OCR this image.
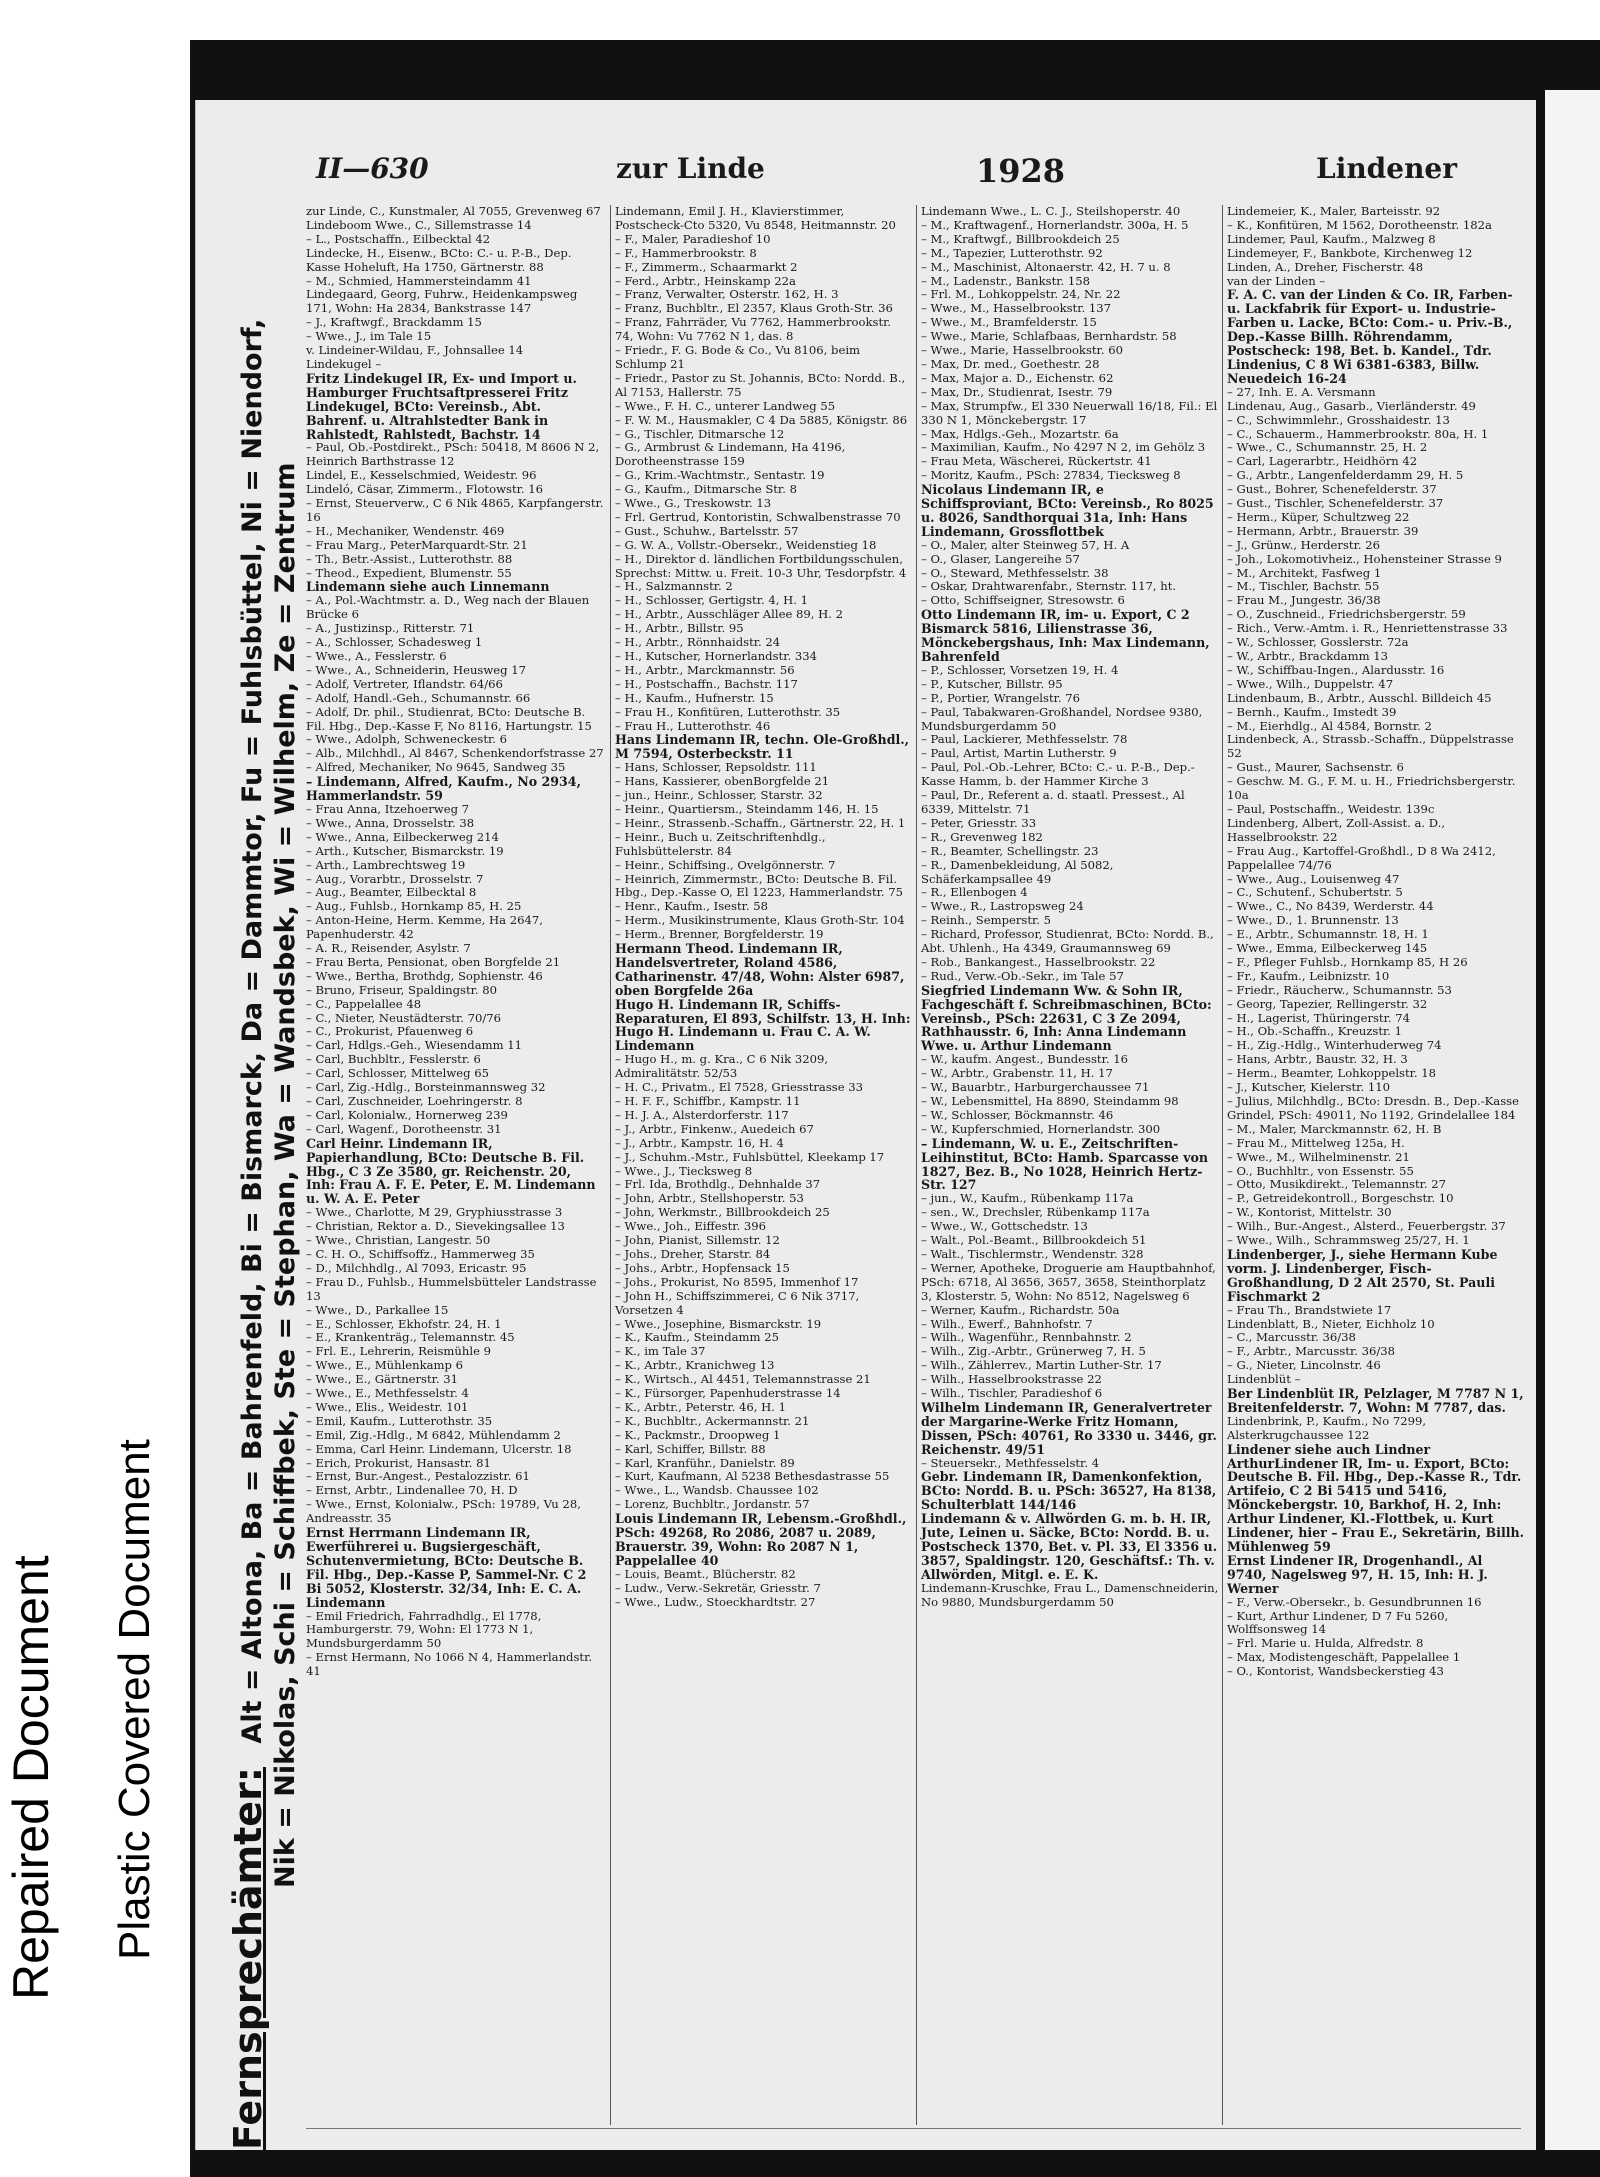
Repaired Document Plastic Covered Document
II—630	zur Linde	1928	Lindener
Fernsprechämter: Alt = Altona, Ba = Bahrenfeld, Bi = Bismarck, Da = Dammtor, Fu = Fuhlsbüttel, Ni = Niendorf,
Nik = Nikolas, Schi = Schiffbek, Ste = Stephan, Wa = Wandsbek, Wi = Wilhelm, Ze = Zentrum
zur Linde, C., Kunstmaler, Al 7055, Grevenweg 67
Lindeboom Wwe., C., Sillemstrasse 14
– L., Postschaffn., Eilbecktal 42
Lindecke, H., Eisenw., BCto: C.- u. P.-B., Dep. Kasse Hoheluft, Ha 1750, Gärtnerstr. 88
– M., Schmied, Hammersteindamm 41
Lindegaard, Georg, Fuhrw., Heidenkampsweg 171, Wohn: Ha 2834, Bankstrasse 147
– J., Kraftwgf., Brackdamm 15
– Wwe., J., im Tale 15
v. Lindeiner-Wildau, F., Johnsallee 14
Lindekugel –
Fritz Lindekugel IR, Ex- und Import u. Hamburger Fruchtsaftpresserei Fritz Lindekugel, BCto: Vereinsb., Abt. Bahrenf. u. Altrahlstedter Bank in Rahlstedt, Rahlstedt, Bachstr. 14
– Paul, Ob.-Postdirekt., PSch: 50418, M 8606 N 2, Heinrich Barthstrasse 12
Lindel, E., Kesselschmied, Weidestr. 96
Lindeló, Cäsar, Zimmerm., Flotowstr. 16
– Ernst, Steuerverw., C 6 Nik 4865, Karpfangerstr. 16
– H., Mechaniker, Wendenstr. 469
– Frau Marg., PeterMarquardt-Str. 21
– Th., Betr.-Assist., Lutterothstr. 88
– Theod., Expedient, Blumenstr. 55
Lindemann siehe auch Linnemann
– A., Pol.-Wachtmstr. a. D., Weg nach der Blauen Brücke 6
– A., Justizinsp., Ritterstr. 71
– A., Schlosser, Schadesweg 1
– Wwe., A., Fesslerstr. 6
– Wwe., A., Schneiderin, Heusweg 17
– Adolf, Vertreter, Iflandstr. 64/66
– Adolf, Handl.-Geh., Schumannstr. 66
– Adolf, Dr. phil., Studienrat, BCto: Deutsche B. Fil. Hbg., Dep.-Kasse F, No 8116, Hartungstr. 15
– Wwe., Adolph, Schweneckestr. 6
– Alb., Milchhdl., Al 8467, Schenkendorfstrasse 27
– Alfred, Mechaniker, No 9645, Sandweg 35
– Lindemann, Alfred, Kaufm., No 2934, Hammerlandstr. 59
– Frau Anna, Itzehoerweg 7
– Wwe., Anna, Drosselstr. 38
– Wwe., Anna, Eilbeckerweg 214
– Arth., Kutscher, Bismarckstr. 19
– Arth., Lambrechtsweg 19
– Aug., Vorarbtr., Drosselstr. 7
– Aug., Beamter, Eilbecktal 8
– Aug., Fuhlsb., Hornkamp 85, H. 25
– Anton-Heine, Herm. Kemme, Ha 2647, Papenhuderstr. 42
– A. R., Reisender, Asylstr. 7
– Frau Berta, Pensionat, oben Borgfelde 21
– Wwe., Bertha, Brothdg, Sophienstr. 46
– Bruno, Friseur, Spaldingstr. 80
– C., Pappelallee 48
– C., Nieter, Neustädterstr. 70/76
– C., Prokurist, Pfauenweg 6
– Carl, Hdlgs.-Geh., Wiesendamm 11
– Carl, Buchbltr., Fesslerstr. 6
– Carl, Schlosser, Mittelweg 65
– Carl, Zig.-Hdlg., Borsteinmannsweg 32
– Carl, Zuschneider, Loehringerstr. 8
– Carl, Kolonialw., Hornerweg 239
– Carl, Wagenf., Dorotheenstr. 31
Carl Heinr. Lindemann IR, Papierhandlung, BCto: Deutsche B. Fil. Hbg., C 3 Ze 3580, gr. Reichenstr. 20, Inh: Frau A. F. E. Peter, E. M. Lindemann u. W. A. E. Peter
– Wwe., Charlotte, M 29, Gryphiusstrasse 3
– Christian, Rektor a. D., Sievekingsallee 13
– Wwe., Christian, Langestr. 50
– C. H. O., Schiffsoffz., Hammerweg 35
– D., Milchhdlg., Al 7093, Ericastr. 95
– Frau D., Fuhlsb., Hummelsbütteler Landstrasse 13
– Wwe., D., Parkallee 15
– E., Schlosser, Ekhofstr. 24, H. 1
– E., Krankenträg., Telemannstr. 45
– Frl. E., Lehrerin, Reismühle 9
– Wwe., E., Mühlenkamp 6
– Wwe., E., Gärtnerstr. 31
– Wwe., E., Methfesselstr. 4
– Wwe., Elis., Weidestr. 101
– Emil, Kaufm., Lutterothstr. 35
– Emil, Zig.-Hdlg., M 6842, Mühlendamm 2
– Emma, Carl Heinr. Lindemann, Ulcerstr. 18
– Erich, Prokurist, Hansastr. 81
– Ernst, Bur.-Angest., Pestalozzistr. 61
– Ernst, Arbtr., Lindenallee 70, H. D
– Wwe., Ernst, Kolonialw., PSch: 19789, Vu 28, Andreasstr. 35
Ernst Herrmann Lindemann IR, Ewerführerei u. Bugsiergeschäft, Schutenvermietung, BCto: Deutsche B. Fil. Hbg., Dep.-Kasse P, Sammel-Nr. C 2 Bi 5052, Klosterstr. 32/34, Inh: E. C. A. Lindemann
– Emil Friedrich, Fahrradhdlg., El 1778, Hamburgerstr. 79, Wohn: El 1773 N 1, Mundsburgerdamm 50
– Ernst Hermann, No 1066 N 4, Hammerlandstr. 41
Lindemann, Emil J. H., Klavierstimmer, Postscheck-Cto 5320, Vu 8548, Heitmannstr. 20
– F., Maler, Paradieshof 10
– F., Hammerbrookstr. 8
– F., Zimmerm., Schaarmarkt 2
– Ferd., Arbtr., Heinskamp 22a
– Franz, Verwalter, Osterstr. 162, H. 3
– Franz, Buchbltr., El 2357, Klaus Groth-Str. 36
– Franz, Fahrräder, Vu 7762, Hammerbrookstr. 74, Wohn: Vu 7762 N 1, das. 8
– Friedr., F. G. Bode & Co., Vu 8106, beim Schlump 21
– Friedr., Pastor zu St. Johannis, BCto: Nordd. B., Al 7153, Hallerstr. 75
– Wwe., F. H. C., unterer Landweg 55
– F. W. M., Hausmakler, C 4 Da 5885, Königstr. 86
– G., Tischler, Ditmarsche 12
– G., Armbrust & Lindemann, Ha 4196, Dorotheenstrasse 159
– G., Krim.-Wachtmstr., Sentastr. 19
– G., Kaufm., Ditmarsche Str. 8
– Wwe., G., Treskowstr. 13
– Frl. Gertrud, Kontoristin, Schwalbenstrasse 70
– Gust., Schuhw., Bartelsstr. 57
– G. W. A., Vollstr.-Obersekr., Weidenstieg 18
– H., Direktor d. ländlichen Fortbildungsschulen, Sprechst: Mittw. u. Freit. 10-3 Uhr, Tesdorpfstr. 4
– H., Salzmannstr. 2
– H., Schlosser, Gertigstr. 4, H. 1
– H., Arbtr., Ausschläger Allee 89, H. 2
– H., Arbtr., Billstr. 95
– H., Arbtr., Rönnhaidstr. 24
– H., Kutscher, Hornerlandstr. 334
– H., Arbtr., Marckmannstr. 56
– H., Postschaffn., Bachstr. 117
– H., Kaufm., Hufnerstr. 15
– Frau H., Konfitüren, Lutterothstr. 35
– Frau H., Lutterothstr. 46
Hans Lindemann IR, techn. Ole-Großhdl., M 7594, Osterbeckstr. 11
– Hans, Schlosser, Repsoldstr. 111
– Hans, Kassierer, obenBorgfelde 21
– jun., Heinr., Schlosser, Starstr. 32
– Heinr., Quartiersm., Steindamm 146, H. 15
– Heinr., Strassenb.-Schaffn., Gärtnerstr. 22, H. 1
– Heinr., Buch u. Zeitschriftenhdlg., Fuhlsbüttelerstr. 84
– Heinr., Schiffsing., Ovelgönnerstr. 7
– Heinrich, Zimmermstr., BCto: Deutsche B. Fil. Hbg., Dep.-Kasse O, El 1223, Hammerlandstr. 75
– Henr., Kaufm., Isestr. 58
– Herm., Musikinstrumente, Klaus Groth-Str. 104
– Herm., Brenner, Borgfelderstr. 19
Hermann Theod. Lindemann IR, Handelsvertreter, Roland 4586, Catharinenstr. 47/48, Wohn: Alster 6987, oben Borgfelde 26a
Hugo H. Lindemann IR, Schiffs-Reparaturen, El 893, Schilfstr. 13, H. Inh: Hugo H. Lindemann u. Frau C. A. W. Lindemann
– Hugo H., m. g. Kra., C 6 Nik 3209, Admiralitätstr. 52/53
– H. C., Privatm., El 7528, Griesstrasse 33
– H. F. F., Schiffbr., Kampstr. 11
– H. J. A., Alsterdorferstr. 117
– J., Arbtr., Finkenw., Auedeich 67
– J., Arbtr., Kampstr. 16, H. 4
– J., Schuhm.-Mstr., Fuhlsbüttel, Kleekamp 17
– Wwe., J., Tiecksweg 8
– Frl. Ida, Brothdlg., Dehnhalde 37
– John, Arbtr., Stellshoperstr. 53
– John, Werkmstr., Billbrookdeich 25
– Wwe., Joh., Eiffestr. 396
– John, Pianist, Sillemstr. 12
– Johs., Dreher, Starstr. 84
– Johs., Arbtr., Hopfensack 15
– Johs., Prokurist, No 8595, Immenhof 17
– John H., Schiffszimmerei, C 6 Nik 3717, Vorsetzen 4
– Wwe., Josephine, Bismarckstr. 19
– K., Kaufm., Steindamm 25
– K., im Tale 37
– K., Arbtr., Kranichweg 13
– K., Wirtsch., Al 4451, Telemannstrasse 21
– K., Fürsorger, Papenhuderstrasse 14
– K., Arbtr., Peterstr. 46, H. 1
– K., Buchbltr., Ackermannstr. 21
– K., Packmstr., Droopweg 1
– Karl, Schiffer, Billstr. 88
– Karl, Kranführ., Danielstr. 89
– Kurt, Kaufmann, Al 5238 Bethesdastrasse 55
– Wwe., L., Wandsb. Chaussee 102
– Lorenz, Buchbltr., Jordanstr. 57
Louis Lindemann IR, Lebensm.-Großhdl., PSch: 49268, Ro 2086, 2087 u. 2089, Brauerstr. 39, Wohn: Ro 2087 N 1, Pappelallee 40
– Louis, Beamt., Blücherstr. 82
– Ludw., Verw.-Sekretär, Griesstr. 7
– Wwe., Ludw., Stoeckhardtstr. 27
Lindemann Wwe., L. C. J., Steilshoperstr. 40
– M., Kraftwagenf., Hornerlandstr. 300a, H. 5
– M., Kraftwgf., Billbrookdeich 25
– M., Tapezier, Lutterothstr. 92
– M., Maschinist, Altonaerstr. 42, H. 7 u. 8
– M., Ladenstr., Bankstr. 158
– Frl. M., Lohkoppelstr. 24, Nr. 22
– Wwe., M., Hasselbrookstr. 137
– Wwe., M., Bramfelderstr. 15
– Wwe., Marie, Schlafbaas, Bernhardstr. 58
– Wwe., Marie, Hasselbrookstr. 60
– Max, Dr. med., Goethestr. 28
– Max, Major a. D., Eichenstr. 62
– Max, Dr., Studienrat, Isestr. 79
– Max, Strumpfw., El 330 Neuerwall 16/18, Fil.: El 330 N 1, Mönckebergstr. 17
– Max, Hdlgs.-Geh., Mozartstr. 6a
– Maximilian, Kaufm., No 4297 N 2, im Gehölz 3
– Frau Meta, Wäscherei, Rückertstr. 41
– Moritz, Kaufm., PSch: 27834, Tiecksweg 8
Nicolaus Lindemann IR, e Schiffsproviant, BCto: Vereinsb., Ro 8025 u. 8026, Sandthorquai 31a, Inh: Hans Lindemann, Grossflottbek
– O., Maler, alter Steinweg 57, H. A
– O., Glaser, Langereihe 57
– O., Steward, Methfesselstr. 38
– Oskar, Drahtwarenfabr., Sternstr. 117, ht.
– Otto, Schiffseigner, Stresowstr. 6
Otto Lindemann IR, im- u. Export, C 2 Bismarck 5816, Lilienstrasse 36, Mönckebergshaus, Inh: Max Lindemann, Bahrenfeld
– P., Schlosser, Vorsetzen 19, H. 4
– P., Kutscher, Billstr. 95
– P., Portier, Wrangelstr. 76
– Paul, Tabakwaren-Großhandel, Nordsee 9380, Mundsburgerdamm 50
– Paul, Lackierer, Methfesselstr. 78
– Paul, Artist, Martin Lutherstr. 9
– Paul, Pol.-Ob.-Lehrer, BCto: C.- u. P.-B., Dep.-Kasse Hamm, b. der Hammer Kirche 3
– Paul, Dr., Referent a. d. staatl. Pressest., Al 6339, Mittelstr. 71
– Peter, Griesstr. 33
– R., Grevenweg 182
– R., Beamter, Schellingstr. 23
– R., Damenbekleidung, Al 5082, Schäferkampsallee 49
– R., Ellenbogen 4
– Wwe., R., Lastropsweg 24
– Reinh., Semperstr. 5
– Richard, Professor, Studienrat, BCto: Nordd. B., Abt. Uhlenh., Ha 4349, Graumannsweg 69
– Rob., Bankangest., Hasselbrookstr. 22
– Rud., Verw.-Ob.-Sekr., im Tale 57
Siegfried Lindemann Ww. & Sohn IR, Fachgeschäft f. Schreibmaschinen, BCto: Vereinsb., PSch: 22631, C 3 Ze 2094, Rathhausstr. 6, Inh: Anna Lindemann Wwe. u. Arthur Lindemann
– W., kaufm. Angest., Bundesstr. 16
– W., Arbtr., Grabenstr. 11, H. 17
– W., Bauarbtr., Harburgerchaussee 71
– W., Lebensmittel, Ha 8890, Steindamm 98
– W., Schlosser, Böckmannstr. 46
– W., Kupferschmied, Hornerlandstr. 300
– Lindemann, W. u. E., Zeitschriften-Leihinstitut, BCto: Hamb. Sparcasse von 1827, Bez. B., No 1028, Heinrich Hertz-Str. 127
– jun., W., Kaufm., Rübenkamp 117a
– sen., W., Drechsler, Rübenkamp 117a
– Wwe., W., Gottschedstr. 13
– Walt., Pol.-Beamt., Billbrookdeich 51
– Walt., Tischlermstr., Wendenstr. 328
– Werner, Apotheke, Droguerie am Hauptbahnhof, PSch: 6718, Al 3656, 3657, 3658, Steinthorplatz 3, Klosterstr. 5, Wohn: No 8512, Nagelsweg 6
– Werner, Kaufm., Richardstr. 50a
– Wilh., Ewerf., Bahnhofstr. 7
– Wilh., Wagenführ., Rennbahnstr. 2
– Wilh., Zig.-Arbtr., Grünerweg 7, H. 5
– Wilh., Zählerrev., Martin Luther-Str. 17
– Wilh., Hasselbrookstrasse 22
– Wilh., Tischler, Paradieshof 6
Wilhelm Lindemann IR, Generalvertreter der Margarine-Werke Fritz Homann, Dissen, PSch: 40761, Ro 3330 u. 3446, gr. Reichenstr. 49/51
– Steuersekr., Methfesselstr. 4
Gebr. Lindemann IR, Damenkonfektion, BCto: Nordd. B. u. PSch: 36527, Ha 8138, Schulterblatt 144/146
Lindemann & v. Allwörden G. m. b. H. IR, Jute, Leinen u. Säcke, BCto: Nordd. B. u. Postscheck 1370, Bet. v. Pl. 33, El 3356 u. 3857, Spaldingstr. 120, Geschäftsf.: Th. v. Allwörden, Mitgl. e. E. K.
Lindemann-Kruschke, Frau L., Damenschneiderin, No 9880, Mundsburgerdamm 50
Lindemeier, K., Maler, Barteisstr. 92
– K., Konfitüren, M 1562, Dorotheenstr. 182a
Lindemer, Paul, Kaufm., Malzweg 8
Lindemeyer, F., Bankbote, Kirchenweg 12
Linden, A., Dreher, Fischerstr. 48
van der Linden –
F. A. C. van der Linden & Co. IR, Farben- u. Lackfabrik für Export- u. Industrie-Farben u. Lacke, BCto: Com.- u. Priv.-B., Dep.-Kasse Billh. Röhrendamm, Postscheck: 198, Bet. b. Kandel., Tdr. Lindenius, C 8 Wi 6381-6383, Billw. Neuedeich 16-24
– 27, Inh. E. A. Versmann
Lindenau, Aug., Gasarb., Vierländerstr. 49
– C., Schwimmlehr., Grosshaidestr. 13
– C., Schauerm., Hammerbrookstr. 80a, H. 1
– Wwe., C., Schumannstr. 25, H. 2
– Carl, Lagerarbtr., Heidhörn 42
– G., Arbtr., Langenfelderdamm 29, H. 5
– Gust., Bohrer, Schenefelderstr. 37
– Gust., Tischler, Schenefelderstr. 37
– Herm., Küper, Schultzweg 22
– Hermann, Arbtr., Brauerstr. 39
– J., Grünw., Herderstr. 26
– Joh., Lokomotivheiz., Hohensteiner Strasse 9
– M., Architekt, Fasfweg 1
– M., Tischler, Bachstr. 55
– Frau M., Jungestr. 36/38
– O., Zuschneid., Friedrichsbergerstr. 59
– Rich., Verw.-Amtm. i. R., Henriettenstrasse 33
– W., Schlosser, Gosslerstr. 72a
– W., Arbtr., Brackdamm 13
– W., Schiffbau-Ingen., Alardusstr. 16
– Wwe., Wilh., Duppelstr. 47
Lindenbaum, B., Arbtr., Ausschl. Billdeich 45
– Bernh., Kaufm., Imstedt 39
– M., Eierhdlg., Al 4584, Bornstr. 2
Lindenbeck, A., Strassb.-Schaffn., Düppelstrasse 52
– Gust., Maurer, Sachsenstr. 6
– Geschw. M. G., F. M. u. H., Friedrichsbergerstr. 10a
– Paul, Postschaffn., Weidestr. 139c
Lindenberg, Albert, Zoll-Assist. a. D., Hasselbrookstr. 22
– Frau Aug., Kartoffel-Großhdl., D 8 Wa 2412, Pappelallee 74/76
– Wwe., Aug., Louisenweg 47
– C., Schutenf., Schubertstr. 5
– Wwe., C., No 8439, Werderstr. 44
– Wwe., D., 1. Brunnenstr. 13
– E., Arbtr., Schumannstr. 18, H. 1
– Wwe., Emma, Eilbeckerweg 145
– F., Pfleger Fuhlsb., Hornkamp 85, H 26
– Fr., Kaufm., Leibnizstr. 10
– Friedr., Räucherw., Schumannstr. 53
– Georg, Tapezier, Rellingerstr. 32
– H., Lagerist, Thüringerstr. 74
– H., Ob.-Schaffn., Kreuzstr. 1
– H., Zig.-Hdlg., Winterhuderweg 74
– Hans, Arbtr., Baustr. 32, H. 3
– Herm., Beamter, Lohkoppelstr. 18
– J., Kutscher, Kielerstr. 110
– Julius, Milchhdlg., BCto: Dresdn. B., Dep.-Kasse Grindel, PSch: 49011, No 1192, Grindelallee 184
– M., Maler, Marckmannstr. 62, H. B
– Frau M., Mittelweg 125a, H.
– Wwe., M., Wilhelminenstr. 21
– O., Buchhltr., von Essenstr. 55
– Otto, Musikdirekt., Telemannstr. 27
– P., Getreidekontroll., Borgeschstr. 10
– W., Kontorist, Mittelstr. 30
– Wilh., Bur.-Angest., Alsterd., Feuerbergstr. 37
– Wwe., Wilh., Schrammsweg 25/27, H. 1
Lindenberger, J., siehe Hermann Kube vorm. J. Lindenberger, Fisch-Großhandlung, D 2 Alt 2570, St. Pauli Fischmarkt 2
– Frau Th., Brandstwiete 17
Lindenblatt, B., Nieter, Eichholz 10
– C., Marcusstr. 36/38
– F., Arbtr., Marcusstr. 36/38
– G., Nieter, Lincolnstr. 46
Lindenblüt –
Ber Lindenblüt IR, Pelzlager, M 7787 N 1, Breitenfelderstr. 7, Wohn: M 7787, das.
Lindenbrink, P., Kaufm., No 7299, Alsterkrugchaussee 122
Lindener siehe auch Lindner
ArthurLindener IR, Im- u. Export, BCto: Deutsche B. Fil. Hbg., Dep.-Kasse R., Tdr. Artifeio, C 2 Bi 5415 und 5416, Mönckebergstr. 10, Barkhof, H. 2, Inh: Arthur Lindener, Kl.-Flottbek, u. Kurt Lindener, hier – Frau E., Sekretärin, Billh. Mühlenweg 59
Ernst Lindener IR, Drogenhandl., Al 9740, Nagelsweg 97, H. 15, Inh: H. J. Werner
– F., Verw.-Obersekr., b. Gesundbrunnen 16
– Kurt, Arthur Lindener, D 7 Fu 5260, Wolffsonsweg 14
– Frl. Marie u. Hulda, Alfredstr. 8
– Max, Modistengeschäft, Pappelallee 1
– O., Kontorist, Wandsbeckerstieg 43
